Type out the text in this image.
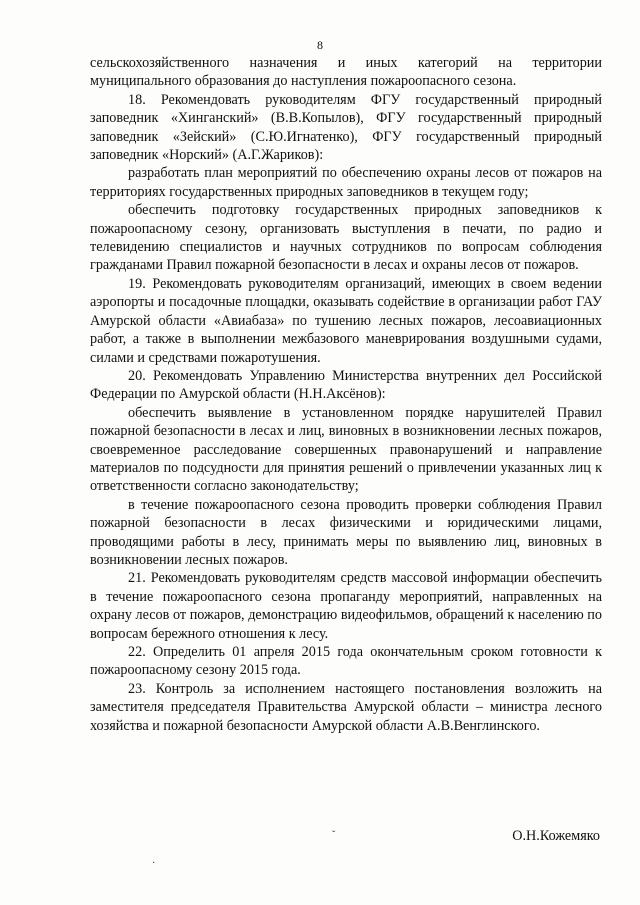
8

сельскохозяйственного назначения и иных категорий на территории муниципального образования до наступления пожароопасного сезона.

18. Рекомендовать руководителям ФГУ государственный природный заповедник «Хинганский» (В.В.Копылов), ФГУ государственный природный заповедник «Зейский» (С.Ю.Игнатенко), ФГУ государственный природный заповедник «Норский» (А.Г.Жариков):

разработать план мероприятий по обеспечению охраны лесов от пожаров на территориях государственных природных заповедников в текущем году;

обеспечить подготовку государственных природных заповедников к пожароопасному сезону, организовать выступления в печати, по радио и телевидению специалистов и научных сотрудников по вопросам соблюдения гражданами Правил пожарной безопасности в лесах и охраны лесов от пожаров.

19. Рекомендовать руководителям организаций, имеющих в своем ведении аэропорты и посадочные площадки, оказывать содействие в организации работ ГАУ Амурской области «Авиабаза» по тушению лесных пожаров, лесоавиационных работ, а также в выполнении межбазового маневрирования воздушными судами, силами и средствами пожаротушения.

20. Рекомендовать Управлению Министерства внутренних дел Российской Федерации по Амурской области (Н.Н.Аксёнов):

обеспечить выявление в установленном порядке нарушителей Правил пожарной безопасности в лесах и лиц, виновных в возникновении лесных пожаров, своевременное расследование совершенных правонарушений и направление материалов по подсудности для принятия решений о привлечении указанных лиц к ответственности согласно законодательству;

в течение пожароопасного сезона проводить проверки соблюдения Правил пожарной безопасности в лесах физическими и юридическими лицами, проводящими работы в лесу, принимать меры по выявлению лиц, виновных в возникновении лесных пожаров.

21. Рекомендовать руководителям средств массовой информации обеспечить в течение пожароопасного сезона пропаганду мероприятий, направленных на охрану лесов от пожаров, демонстрацию видеофильмов, обращений к населению по вопросам бережного отношения к лесу.

22. Определить 01 апреля 2015 года окончательным сроком готовности к пожароопасному сезону 2015 года.

23. Контроль за исполнением настоящего постановления возложить на заместителя председателя Правительства Амурской области – министра лесного хозяйства и пожарной безопасности Амурской области А.В.Венглинского.

ˇ
·
О.Н.Кожемяко
